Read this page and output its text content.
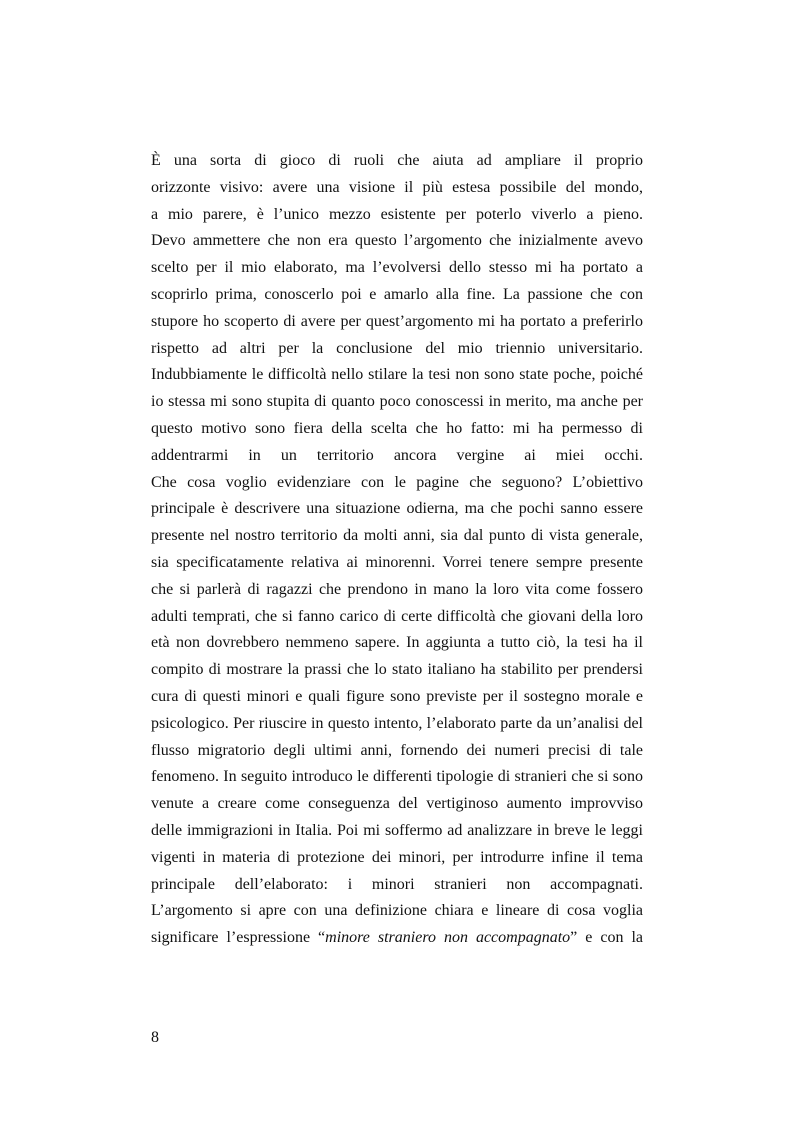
È una sorta di gioco di ruoli che aiuta ad ampliare il proprio
orizzonte visivo: avere una visione il più estesa possibile del mondo,
a mio parere, è l’unico mezzo esistente per poterlo viverlo a pieno.
Devo ammettere che non era questo l’argomento che inizialmente avevo
scelto per il mio elaborato, ma l’evolversi dello stesso mi ha portato a
scoprirlo prima, conoscerlo poi e amarlo alla fine. La passione che con
stupore ho scoperto di avere per quest’argomento mi ha portato a preferirlo
rispetto ad altri per la conclusione del mio triennio universitario.
Indubbiamente le difficoltà nello stilare la tesi non sono state poche, poiché
io stessa mi sono stupita di quanto poco conoscessi in merito, ma anche per
questo motivo sono fiera della scelta che ho fatto: mi ha permesso di
addentrarmi in un territorio ancora vergine ai miei occhi.
Che cosa voglio evidenziare con le pagine che seguono? L’obiettivo
principale è descrivere una situazione odierna, ma che pochi sanno essere
presente nel nostro territorio da molti anni, sia dal punto di vista generale,
sia specificatamente relativa ai minorenni. Vorrei tenere sempre presente
che si parlerà di ragazzi che prendono in mano la loro vita come fossero
adulti temprati, che si fanno carico di certe difficoltà che giovani della loro
età non dovrebbero nemmeno sapere. In aggiunta a tutto ciò, la tesi ha il
compito di mostrare la prassi che lo stato italiano ha stabilito per prendersi
cura di questi minori e quali figure sono previste per il sostegno morale e
psicologico. Per riuscire in questo intento, l’elaborato parte da un’analisi del
flusso migratorio degli ultimi anni, fornendo dei numeri precisi di tale
fenomeno. In seguito introduco le differenti tipologie di stranieri che si sono
venute a creare come conseguenza del vertiginoso aumento improvviso
delle immigrazioni in Italia. Poi mi soffermo ad analizzare in breve le leggi
vigenti in materia di protezione dei minori, per introdurre infine il tema
principale dell’elaborato: i minori stranieri non accompagnati.
L’argomento si apre con una definizione chiara e lineare di cosa voglia
significare l’espressione “minore straniero non accompagnato” e con la
8
